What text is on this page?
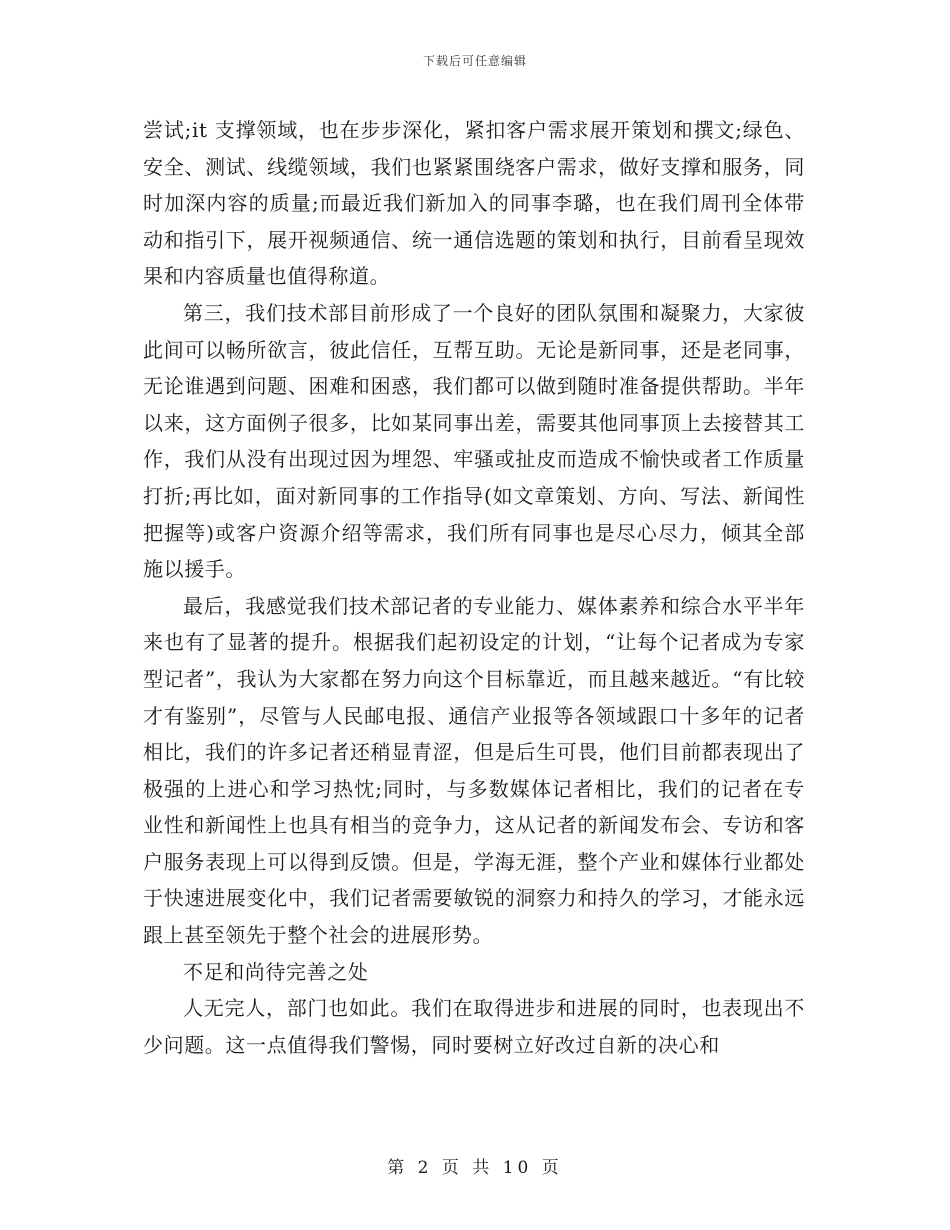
下载后可任意编辑

尝试;it 支撑领域，也在步步深化，紧扣客户需求展开策划和撰文;绿色、安全、测试、线缆领域，我们也紧紧围绕客户需求，做好支撑和服务，同时加深内容的质量;而最近我们新加入的同事李璐，也在我们周刊全体带动和指引下，展开视频通信、统一通信选题的策划和执行，目前看呈现效果和内容质量也值得称道。

第三，我们技术部目前形成了一个良好的团队氛围和凝聚力，大家彼此间可以畅所欲言，彼此信任，互帮互助。无论是新同事，还是老同事，无论谁遇到问题、困难和困惑，我们都可以做到随时准备提供帮助。半年以来，这方面例子很多，比如某同事出差，需要其他同事顶上去接替其工作，我们从没有出现过因为埋怨、牢骚或扯皮而造成不愉快或者工作质量打折;再比如，面对新同事的工作指导(如文章策划、方向、写法、新闻性把握等)或客户资源介绍等需求，我们所有同事也是尽心尽力，倾其全部施以援手。

最后，我感觉我们技术部记者的专业能力、媒体素养和综合水平半年来也有了显著的提升。根据我们起初设定的计划，“让每个记者成为专家型记者”，我认为大家都在努力向这个目标靠近，而且越来越近。“有比较才有鉴别”，尽管与人民邮电报、通信产业报等各领域跟口十多年的记者相比，我们的许多记者还稍显青涩，但是后生可畏，他们目前都表现出了极强的上进心和学习热忱;同时，与多数媒体记者相比，我们的记者在专业性和新闻性上也具有相当的竞争力，这从记者的新闻发布会、专访和客户服务表现上可以得到反馈。但是，学海无涯，整个产业和媒体行业都处于快速进展变化中，我们记者需要敏锐的洞察力和持久的学习，才能永远跟上甚至领先于整个社会的进展形势。

不足和尚待完善之处

人无完人，部门也如此。我们在取得进步和进展的同时，也表现出不少问题。这一点值得我们警惕，同时要树立好改过自新的决心和

第 2 页 共 10 页
